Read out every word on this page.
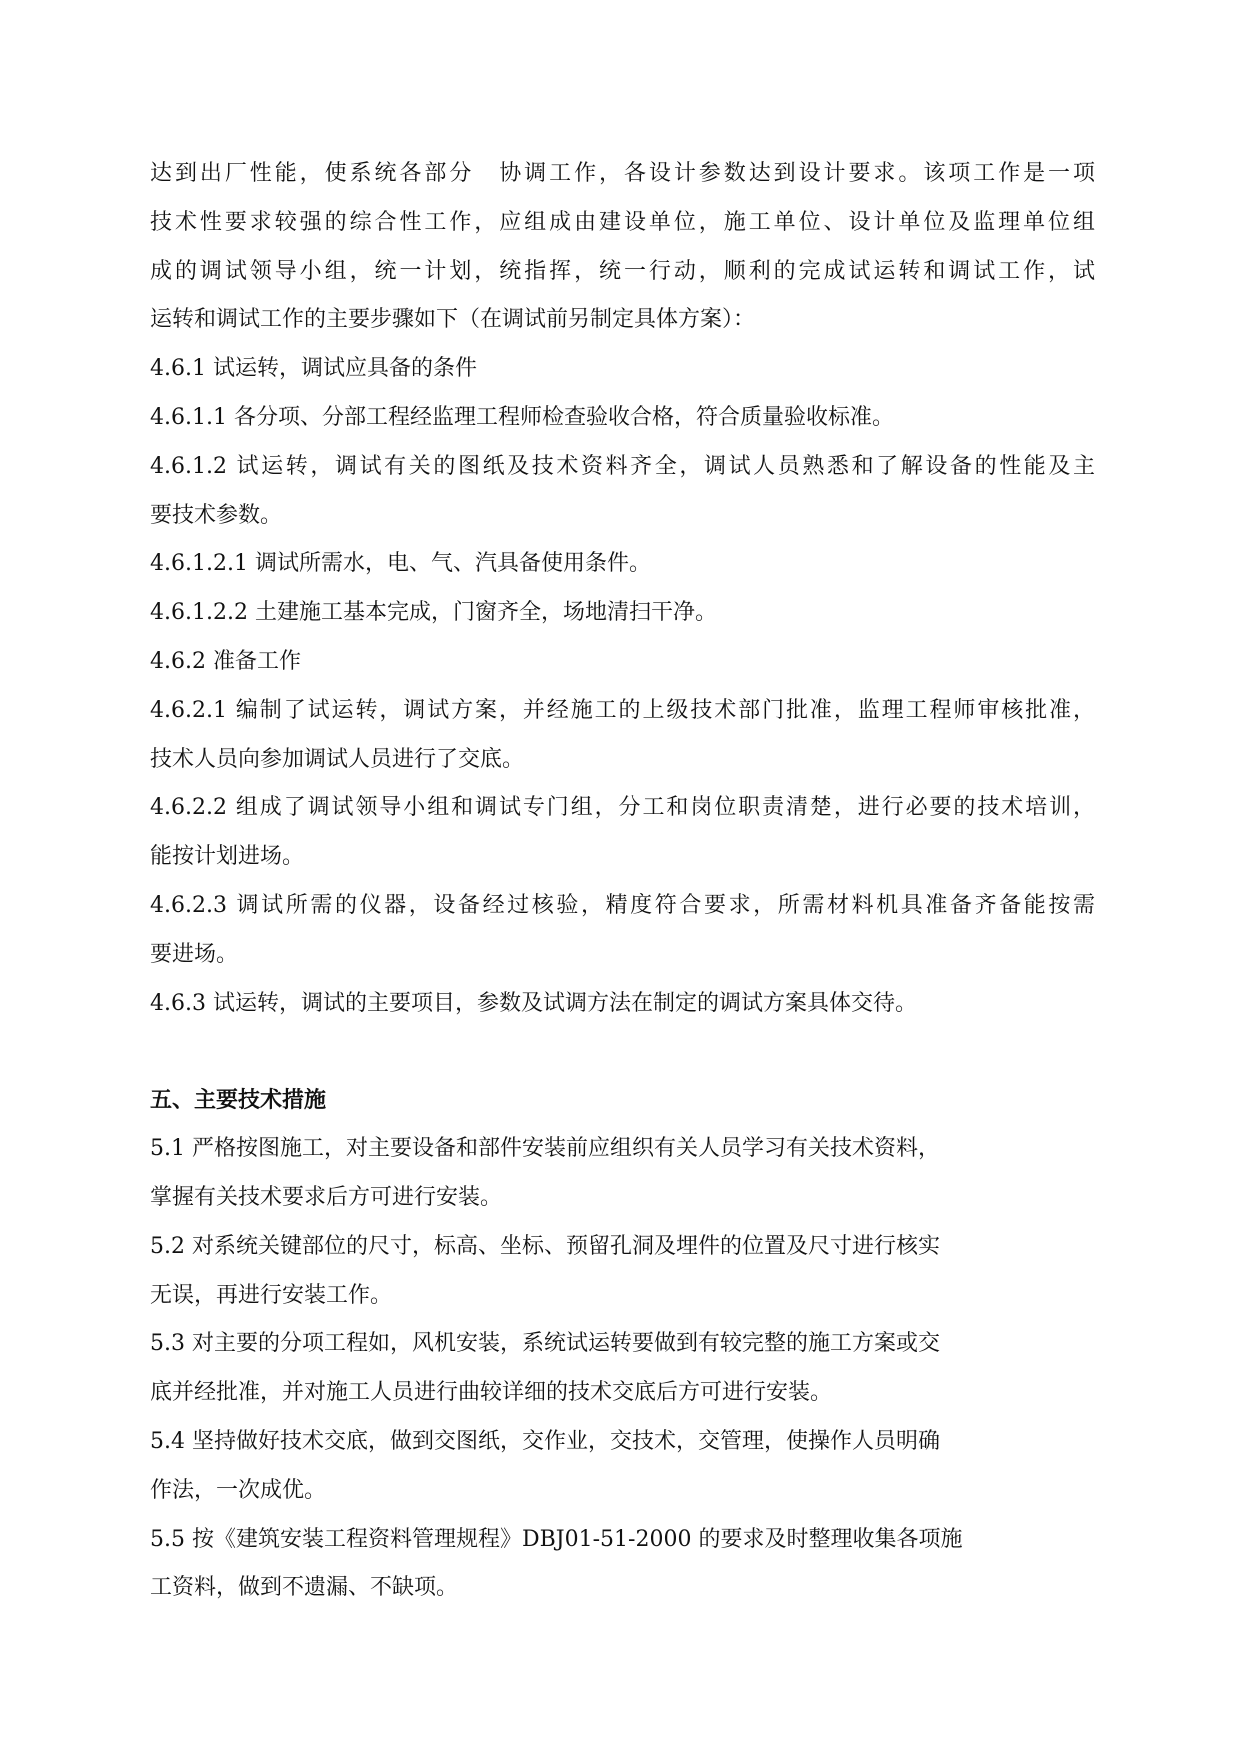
达到出厂性能，使系统各部分　协调工作，各设计参数达到设计要求。该项工作是一项
技术性要求较强的综合性工作，应组成由建设单位，施工单位、设计单位及监理单位组
成的调试领导小组，统一计划，统指挥，统一行动，顺利的完成试运转和调试工作，试
运转和调试工作的主要步骤如下（在调试前另制定具体方案）：
4.6.1 试运转，调试应具备的条件
4.6.1.1 各分项、分部工程经监理工程师检查验收合格，符合质量验收标准。
4.6.1.2 试运转，调试有关的图纸及技术资料齐全，调试人员熟悉和了解设备的性能及主
要技术参数。
4.6.1.2.1 调试所需水，电、气、汽具备使用条件。
4.6.1.2.2 土建施工基本完成，门窗齐全，场地清扫干净。
4.6.2 准备工作
4.6.2.1 编制了试运转，调试方案，并经施工的上级技术部门批准，监理工程师审核批准，
技术人员向参加调试人员进行了交底。
4.6.2.2 组成了调试领导小组和调试专门组，分工和岗位职责清楚，进行必要的技术培训，
能按计划进场。
4.6.2.3 调试所需的仪器，设备经过核验，精度符合要求，所需材料机具准备齐备能按需
要进场。
4.6.3 试运转，调试的主要项目，参数及试调方法在制定的调试方案具体交待。
五、主要技术措施
5.1 严格按图施工，对主要设备和部件安装前应组织有关人员学习有关技术资料，
掌握有关技术要求后方可进行安装。
5.2 对系统关键部位的尺寸，标高、坐标、预留孔洞及埋件的位置及尺寸进行核实
无误，再进行安装工作。
5.3 对主要的分项工程如，风机安装，系统试运转要做到有较完整的施工方案或交
底并经批准，并对施工人员进行曲较详细的技术交底后方可进行安装。
5.4 坚持做好技术交底，做到交图纸，交作业，交技术，交管理，使操作人员明确
作法，一次成优。
5.5 按《建筑安装工程资料管理规程》DBJ01-51-2000 的要求及时整理收集各项施
工资料，做到不遗漏、不缺项。
